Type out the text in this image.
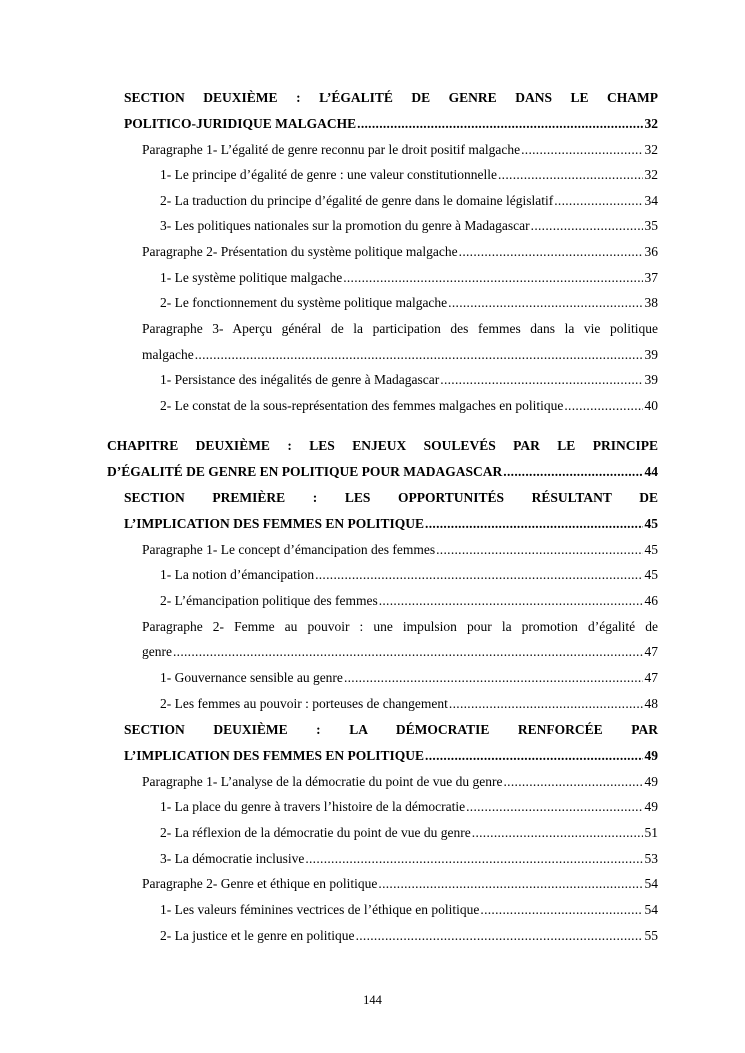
SECTION DEUXIÈME : L’ÉGALITÉ DE GENRE DANS LE CHAMP
POLITICO-JURIDIQUE MALGACHE .....	32
Paragraphe 1- L’égalité de genre reconnu par le droit positif malgache .....	32
1- Le principe d’égalité de genre : une valeur constitutionnelle .....	32
2- La traduction du principe d’égalité de genre dans le domaine législatif .....	34
3- Les politiques nationales sur la promotion du genre à Madagascar .....	35
Paragraphe 2- Présentation du système politique malgache .....	36
1- Le système politique malgache .....	37
2- Le fonctionnement du système politique malgache .....	38
Paragraphe 3- Aperçu général de la participation des femmes dans la vie politique
malgache .....	39
1- Persistance des inégalités de genre à Madagascar .....	39
2- Le constat de la sous-représentation des femmes malgaches en politique .....	40
CHAPITRE DEUXIÈME : LES ENJEUX SOULEVÉS PAR LE PRINCIPE
D’ÉGALITÉ DE GENRE EN POLITIQUE POUR MADAGASCAR .....	44
SECTION PREMIÈRE : LES OPPORTUNITÉS RÉSULTANT DE
L’IMPLICATION DES FEMMES EN POLITIQUE .....	45
Paragraphe 1- Le concept d’émancipation des femmes .....	45
1- La notion d’émancipation .....	45
2- L’émancipation politique des femmes .....	46
Paragraphe 2- Femme au pouvoir : une impulsion pour la promotion d’égalité de
genre .....	47
1- Gouvernance sensible au genre .....	47
2- Les femmes au pouvoir : porteuses de changement .....	48
SECTION DEUXIÈME : LA DÉMOCRATIE RENFORCÉE PAR
L’IMPLICATION DES FEMMES EN POLITIQUE .....	49
Paragraphe 1- L’analyse de la démocratie du point de vue du genre .....	49
1- La place du genre à travers l’histoire de la démocratie .....	49
2- La réflexion de la démocratie du point de vue du genre .....	51
3- La démocratie inclusive .....	53
Paragraphe 2- Genre et éthique en politique .....	54
1- Les valeurs féminines vectrices de l’éthique en politique .....	54
2- La justice et le genre en politique .....	55
144
